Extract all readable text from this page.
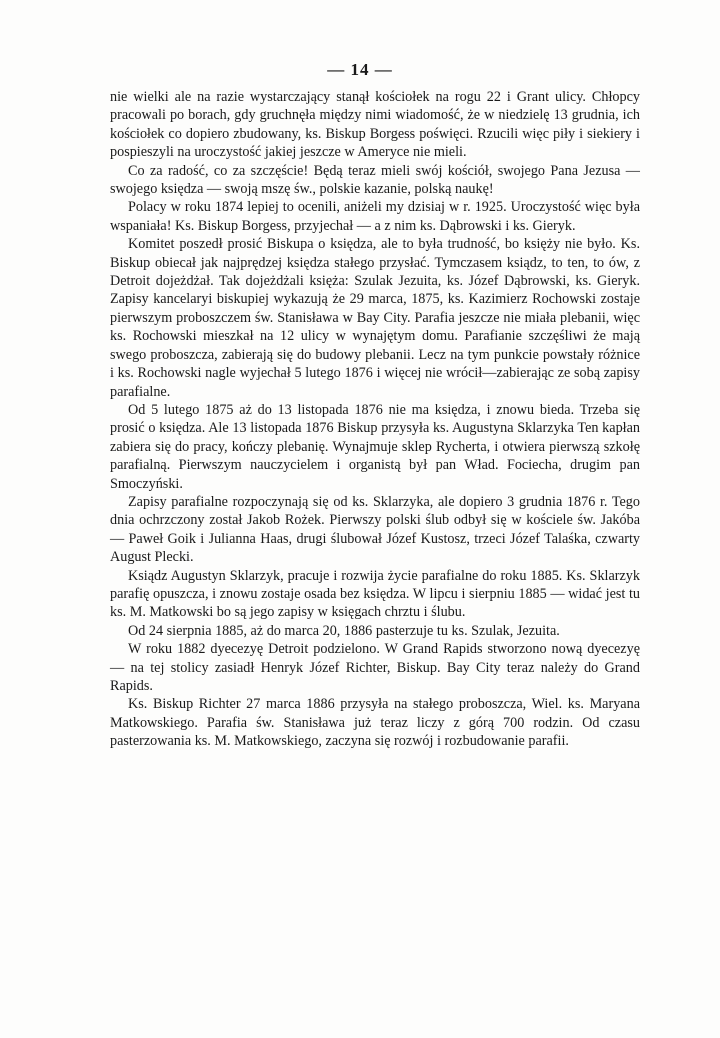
— 14 —

nie wielki ale na razie wystarczający stanął kościołek na rogu 22 i Grant ulicy. Chłopcy pracowali po borach, gdy gruchnęła między nimi wiadomość, że w niedzielę 13 grudnia, ich kościołek co dopiero zbudowany, ks. Biskup Borgess poświęci. Rzucili więc piły i siekiery i pospieszyli na uroczystość jakiej jeszcze w Ameryce nie mieli.

Co za radość, co za szczęście! Będą teraz mieli swój kościół, swojego Pana Jezusa — swojego księdza — swoją mszę św., polskie kazanie, polską naukę!

Polacy w roku 1874 lepiej to ocenili, aniżeli my dzisiaj w r. 1925. Uroczystość więc była wspaniała! Ks. Biskup Borgess, przyjechał — a z nim ks. Dąbrowski i ks. Gieryk.

Komitet poszedł prosić Biskupa o księdza, ale to była trudność, bo księży nie było. Ks. Biskup obiecał jak najprędzej księdza stałego przysłać. Tymczasem ksiądz, to ten, to ów, z Detroit dojeżdżał. Tak dojeżdżali księża: Szulak Jezuita, ks. Józef Dąbrowski, ks. Gieryk. Zapisy kancelaryi biskupiej wykazują że 29 marca, 1875, ks. Kazimierz Rochowski zostaje pierwszym proboszczem św. Stanisława w Bay City. Parafia jeszcze nie miała plebanii, więc ks. Rochowski mieszkał na 12 ulicy w wynajętym domu. Parafianie szczęśliwi że mają swego proboszcza, zabierają się do budowy plebanii. Lecz na tym punkcie powstały różnice i ks. Rochowski nagle wyjechał 5 lutego 1876 i więcej nie wrócił—zabierając ze sobą zapisy parafialne.

Od 5 lutego 1875 aż do 13 listopada 1876 nie ma księdza, i znowu bieda. Trzeba się prosić o księdza. Ale 13 listopada 1876 Biskup przysyła ks. Augustyna Sklarzyka Ten kapłan zabiera się do pracy, kończy plebanię. Wynajmuje sklep Rycherta, i otwiera pierwszą szkołę parafialną. Pierwszym nauczycielem i organistą był pan Wład. Fociecha, drugim pan Smoczyński.

Zapisy parafialne rozpoczynają się od ks. Sklarzyka, ale dopiero 3 grudnia 1876 r. Tego dnia ochrzczony został Jakob Rożek. Pierwszy polski ślub odbył się w kościele św. Jakóba — Paweł Goik i Julianna Haas, drugi ślubował Józef Kustosz, trzeci Józef Talaśka, czwarty August Plecki.

Ksiądz Augustyn Sklarzyk, pracuje i rozwija życie parafialne do roku 1885. Ks. Sklarzyk parafię opuszcza, i znowu zostaje osada bez księdza. W lipcu i sierpniu 1885 — widać jest tu ks. M. Matkowski bo są jego zapisy w księgach chrztu i ślubu.

Od 24 sierpnia 1885, aż do marca 20, 1886 pasterzuje tu ks. Szulak, Jezuita.

W roku 1882 dyecezyę Detroit podzielono. W Grand Rapids stworzono nową dyecezyę — na tej stolicy zasiadł Henryk Józef Richter, Biskup. Bay City teraz należy do Grand Rapids.

Ks. Biskup Richter 27 marca 1886 przysyła na stałego proboszcza, Wiel. ks. Maryana Matkowskiego. Parafia św. Stanisława już teraz liczy z górą 700 rodzin. Od czasu pasterzowania ks. M. Matkowskiego, zaczyna się rozwój i rozbudowanie parafii.
